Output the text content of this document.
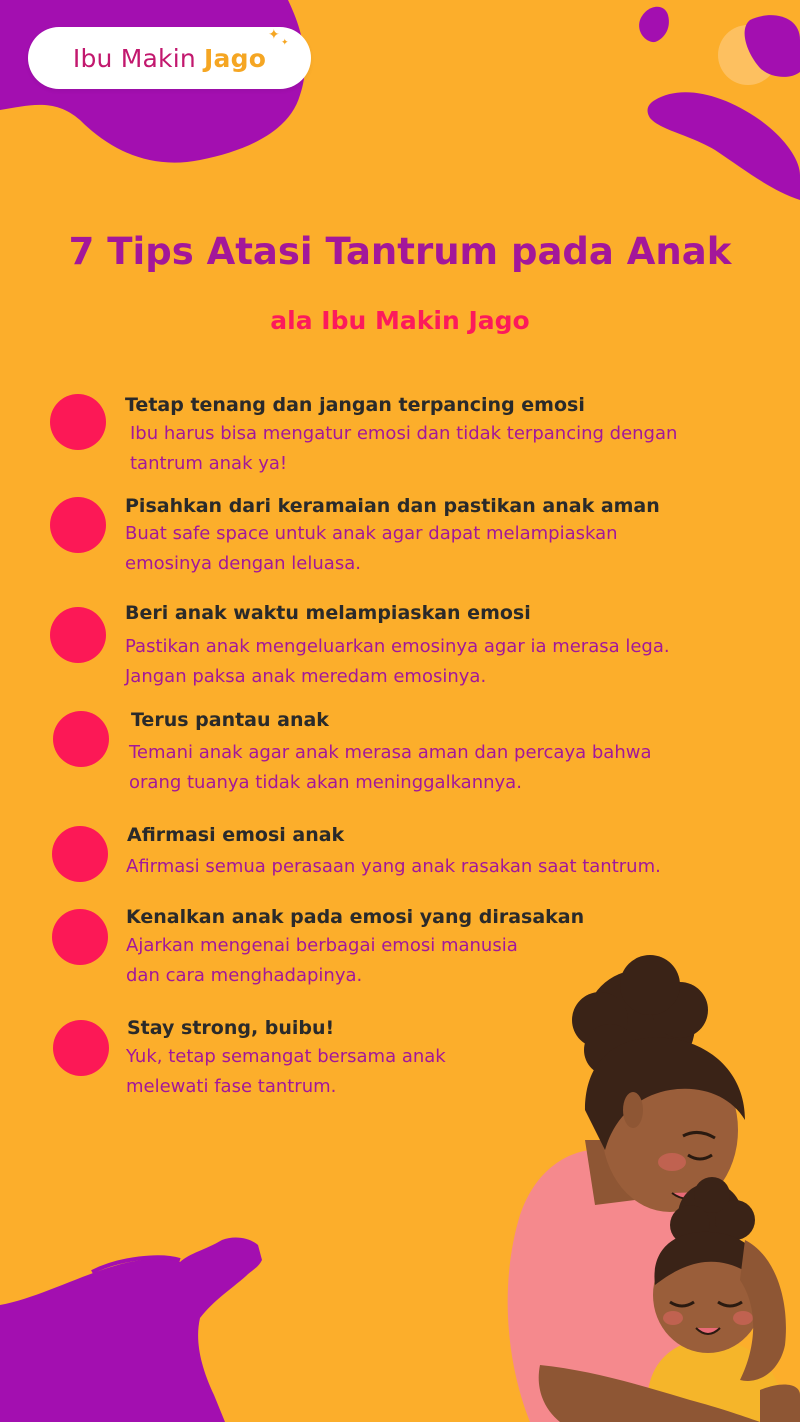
Ibu Makin Jago
✦ ✦
7 Tips Atasi Tantrum pada Anak
ala Ibu Makin Jago

Tetap tenang dan jangan terpancing emosi

Ibu harus bisa mengatur emosi dan tidak terpancing dengan
tantrum anak ya!

Pisahkan dari keramaian dan pastikan anak aman

Buat safe space untuk anak agar dapat melampiaskan
emosinya dengan leluasa.

Beri anak waktu melampiaskan emosi

Pastikan anak mengeluarkan emosinya agar ia merasa lega.
Jangan paksa anak meredam emosinya.

Terus pantau anak

Temani anak agar anak merasa aman dan percaya bahwa
orang tuanya tidak akan meninggalkannya.

Afirmasi emosi anak

Afirmasi semua perasaan yang anak rasakan saat tantrum.

Kenalkan anak pada emosi yang dirasakan

Ajarkan mengenai berbagai emosi manusia
dan cara menghadapinya.

Stay strong, buibu!

Yuk, tetap semangat bersama anak
melewati fase tantrum.
